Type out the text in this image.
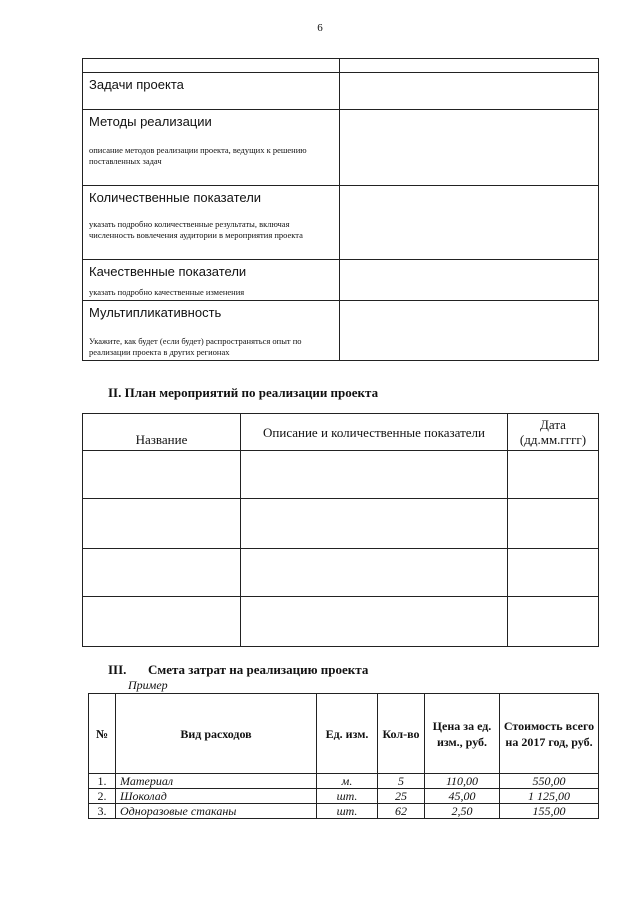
6

Задачи проекта	

Методы реализации
описание методов реализации проекта, ведущих к решению поставленных задач	

Количественные показатели
указать подробно количественные результаты, включая численность вовлечения аудитории в мероприятия проекта	

Качественные показатели
указать подробно качественные изменения	

Мультипликативность
Укажите, как будет (если будет) распространяться опыт по реализации проекта в других регионах	

II. План мероприятий по реализации проекта
Название	Описание и количественные показатели	Дата (дд.мм.гггг)

III. Смета затрат на реализацию проекта
Пример
№	Вид расходов	Ед. изм.	Кол-во	Цена за ед. изм., руб.	Стоимость всего на 2017 год, руб.
1.	Материал	м.	5	110,00	550,00
2.	Шоколад	шт.	25	45,00	1 125,00
3.	Одноразовые стаканы	шт.	62	2,50	155,00
